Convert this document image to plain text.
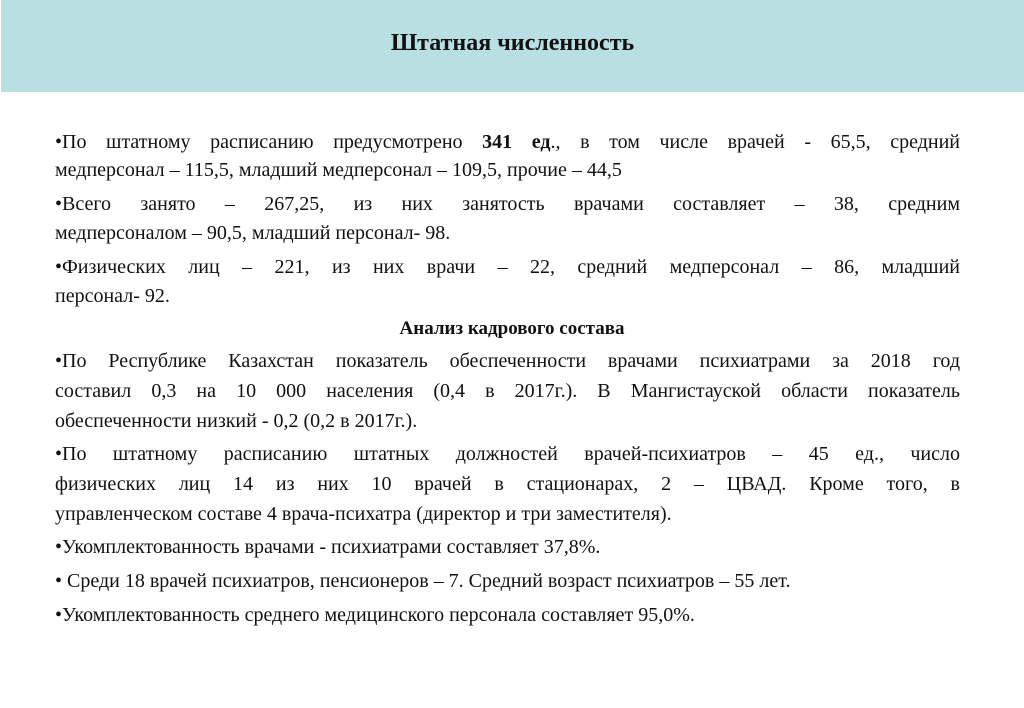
Штатная численность
•По штатному расписанию предусмотрено 341 ед., в том числе врачей - 65,5, средний
медперсонал – 115,5, младший медперсонал – 109,5, прочие – 44,5
•Всего занято – 267,25, из них занятость врачами составляет – 38, средним
медперсоналом – 90,5, младший персонал- 98.
•Физических лиц – 221, из них врачи – 22, средний медперсонал – 86, младший
персонал- 92.
Анализ кадрового состава
•По Республике Казахстан показатель обеспеченности врачами психиатрами за 2018 год
составил 0,3 на 10 000 населения (0,4 в 2017г.). В Мангистауской области показатель
обеспеченности низкий - 0,2 (0,2 в 2017г.).
•По штатному расписанию штатных должностей врачей-психиатров – 45 ед., число
физических лиц 14 из них 10 врачей в стационарах, 2 – ЦВАД. Кроме того, в
управленческом составе 4 врача-психатра (директор и три заместителя).
•Укомплектованность врачами - психиатрами составляет 37,8%.
• Среди 18 врачей психиатров, пенсионеров – 7. Средний возраст психиатров – 55 лет.
•Укомплектованность среднего медицинского персонала составляет 95,0%.
